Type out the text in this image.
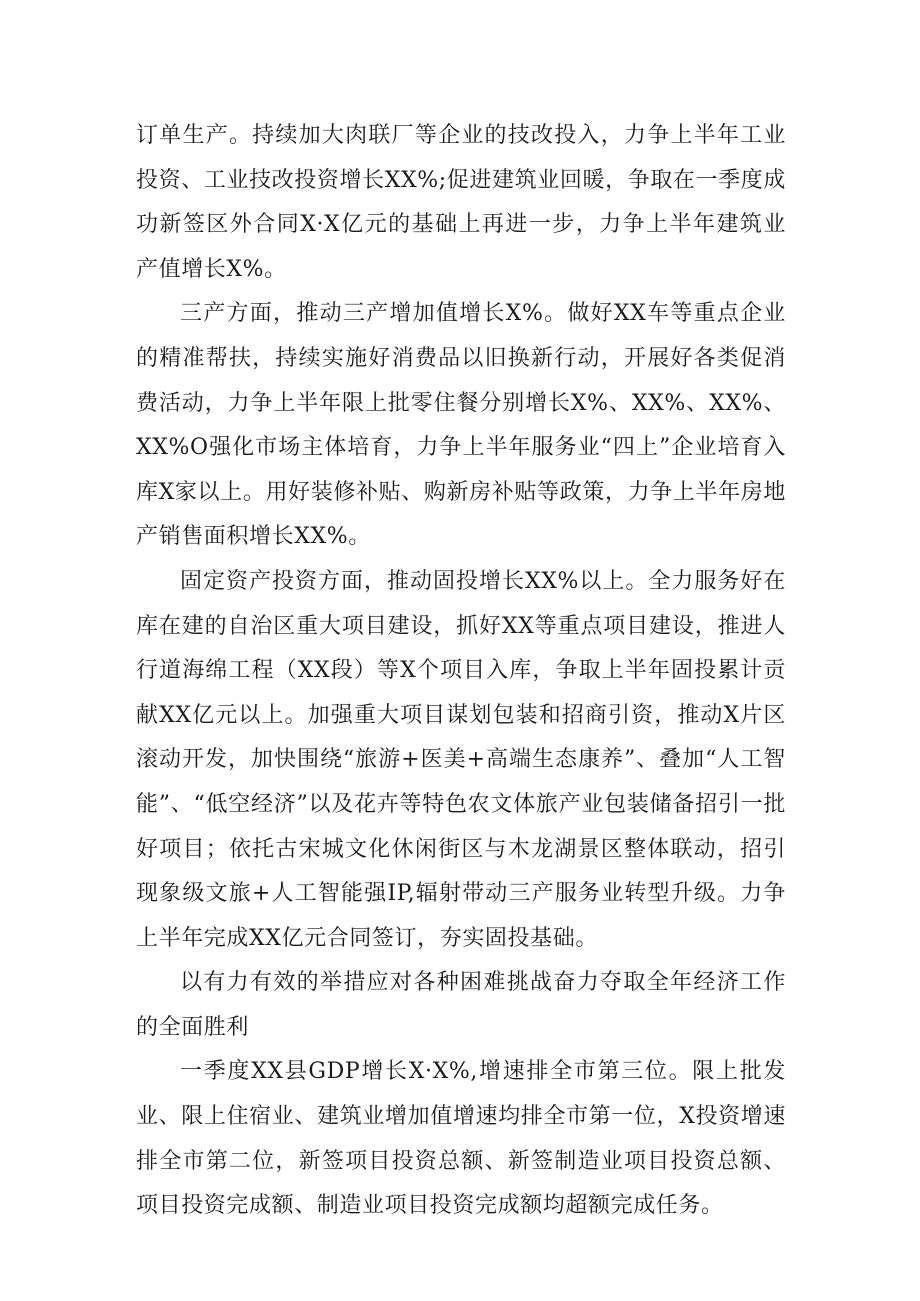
订单生产。持续加大肉联厂等企业的技改投入，力争上半年工业投资、工业技改投资增长XX%;促进建筑业回暖，争取在一季度成功新签区外合同X·X亿元的基础上再进一步，力争上半年建筑业产值增长X%。

三产方面，推动三产增加值增长X%。做好XX车等重点企业的精准帮扶，持续实施好消费品以旧换新行动，开展好各类促消费活动，力争上半年限上批零住餐分别增长X%、XX%、XX%、XX%O强化市场主体培育，力争上半年服务业“四上”企业培育入库X家以上。用好装修补贴、购新房补贴等政策，力争上半年房地产销售面积增长XX%。

固定资产投资方面，推动固投增长XX%以上。全力服务好在库在建的自治区重大项目建设，抓好XX等重点项目建设，推进人行道海绵工程（XX段）等X个项目入库，争取上半年固投累计贡献XX亿元以上。加强重大项目谋划包装和招商引资，推动X片区滚动开发，加快围绕“旅游+医美+高端生态康养”、叠加“人工智能”、“低空经济”以及花卉等特色农文体旅产业包装储备招引一批好项目；依托古宋城文化休闲街区与木龙湖景区整体联动，招引现象级文旅+人工智能强IP,辐射带动三产服务业转型升级。力争上半年完成XX亿元合同签订，夯实固投基础。

以有力有效的举措应对各种困难挑战奋力夺取全年经济工作的全面胜利

一季度XX县GDP增长X·X%,增速排全市第三位。限上批发业、限上住宿业、建筑业增加值增速均排全市第一位，X投资增速排全市第二位，新签项目投资总额、新签制造业项目投资总额、项目投资完成额、制造业项目投资完成额均超额完成任务。
